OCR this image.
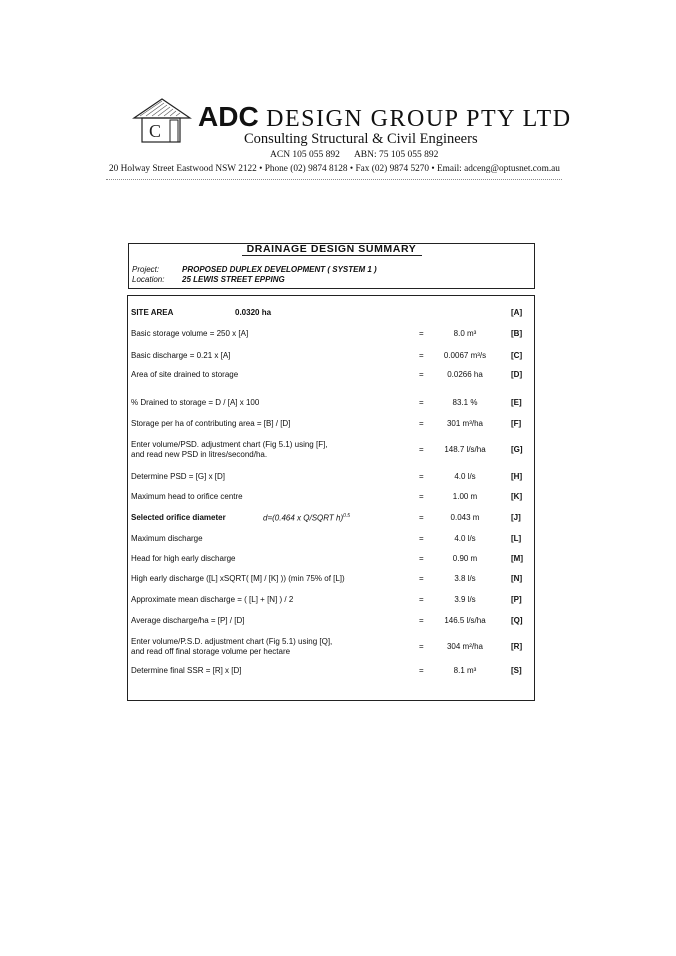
C ADC DESIGN GROUP PTY LTD
Consulting Structural & Civil Engineers
ACN 105 055 892 ABN: 75 105 055 892
20 Holway Street Eastwood NSW 2122 • Phone (02) 9874 8128 • Fax (02) 9874 5270 • Email: adceng@optusnet.com.au
DRAINAGE DESIGN SUMMARY
Project:	PROPOSED DUPLEX DEVELOPMENT ( SYSTEM 1 )
Location: 25 LEWIS STREET EPPING
SITE AREA	0.0320 ha	[A]
Basic storage volume = 250 x [A]	=	8.0 m³	[B]
Basic discharge = 0.21 x [A]	=	0.0067 m³/s	[C]
Area of site drained to storage	=	0.0266 ha	[D]
% Drained to storage = D / [A] x 100	=	83.1 %	[E]
Storage per ha of contributing area = [B] / [D]	=	301 m³/ha	[F]
Enter volume/PSD. adjustment chart (Fig 5.1) using [F],
and read new PSD in litres/second/ha.
=	148.7 l/s/ha	[G]
Determine PSD = [G] x [D]	=	4.0 l/s	[H]
Maximum head to orifice centre	=	1.00 m	[K]
Selected orifice diameter	d=(0.464 x Q/SQRT h)$^{0.5}$	=	0.043 m	[J]
Maximum discharge	=	4.0 l/s	[L]
Head for high early discharge	=	0.90 m	[M]
High early discharge ([L] xSQRT( [M] / [K] )) (min 75% of [L])	=	3.8 l/s	[N]
Approximate mean discharge = ( [L] + [N] ) / 2	=	3.9 l/s	[P]
Average discharge/ha = [P] / [D]	=	146.5 l/s/ha	[Q]
Enter volume/P.S.D. adjustment chart (Fig 5.1) using [Q],
and read off final storage volume per hectare
=	304 m²/ha	[R]
Determine final SSR = [R] x [D]	=	8.1 m³	[S]
